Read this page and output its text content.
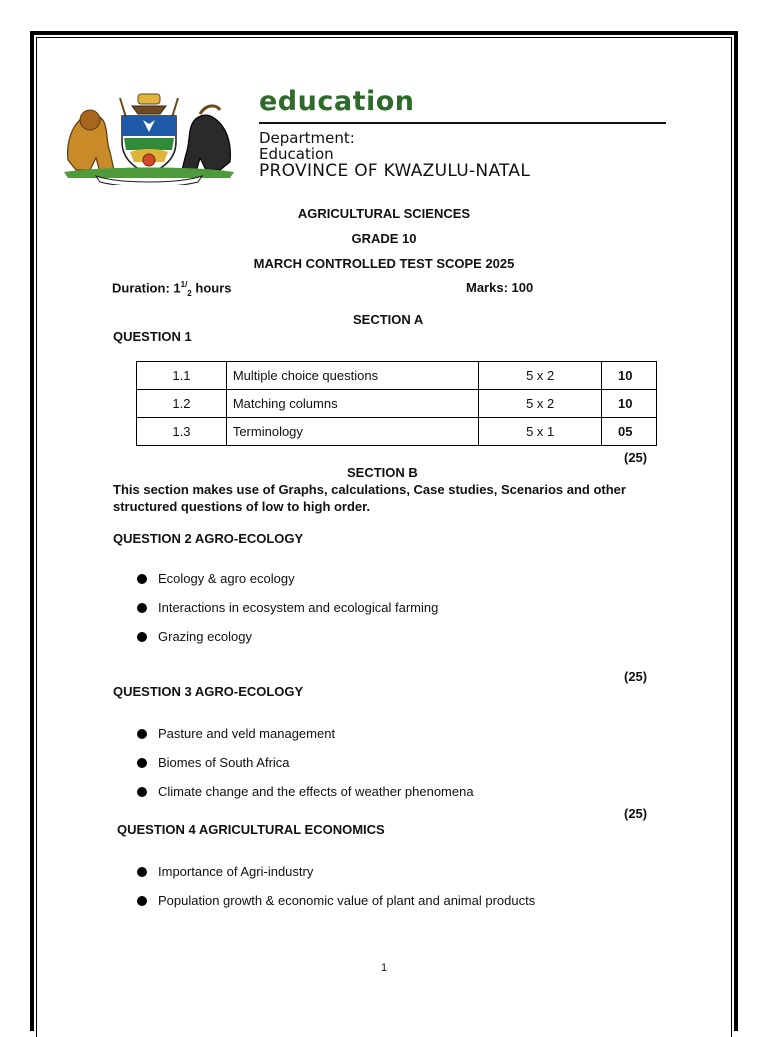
education
Department:
Education
PROVINCE OF KWAZULU-NATAL
AGRICULTURAL SCIENCES
GRADE 10
MARCH CONTROLLED TEST SCOPE 2025
Duration: $1^{1/}_2$ hours	Marks: 100
SECTION A
QUESTION 1
1.1	Multiple choice questions	5 x 2	10
1.2	Matching columns	5 x 2	10
1.3	Terminology	5 x 1	05
(25)
SECTION B
This section makes use of Graphs, calculations, Case studies, Scenarios and other
structured questions of low to high order.
QUESTION 2 AGRO-ECOLOGY
Ecology & agro ecology
Interactions in ecosystem and ecological farming
Grazing ecology
(25)
QUESTION 3 AGRO-ECOLOGY
Pasture and veld management
Biomes of South Africa
Climate change and the effects of weather phenomena
(25)
QUESTION 4 AGRICULTURAL ECONOMICS
Importance of Agri-industry
Population growth & economic value of plant and animal products
1
